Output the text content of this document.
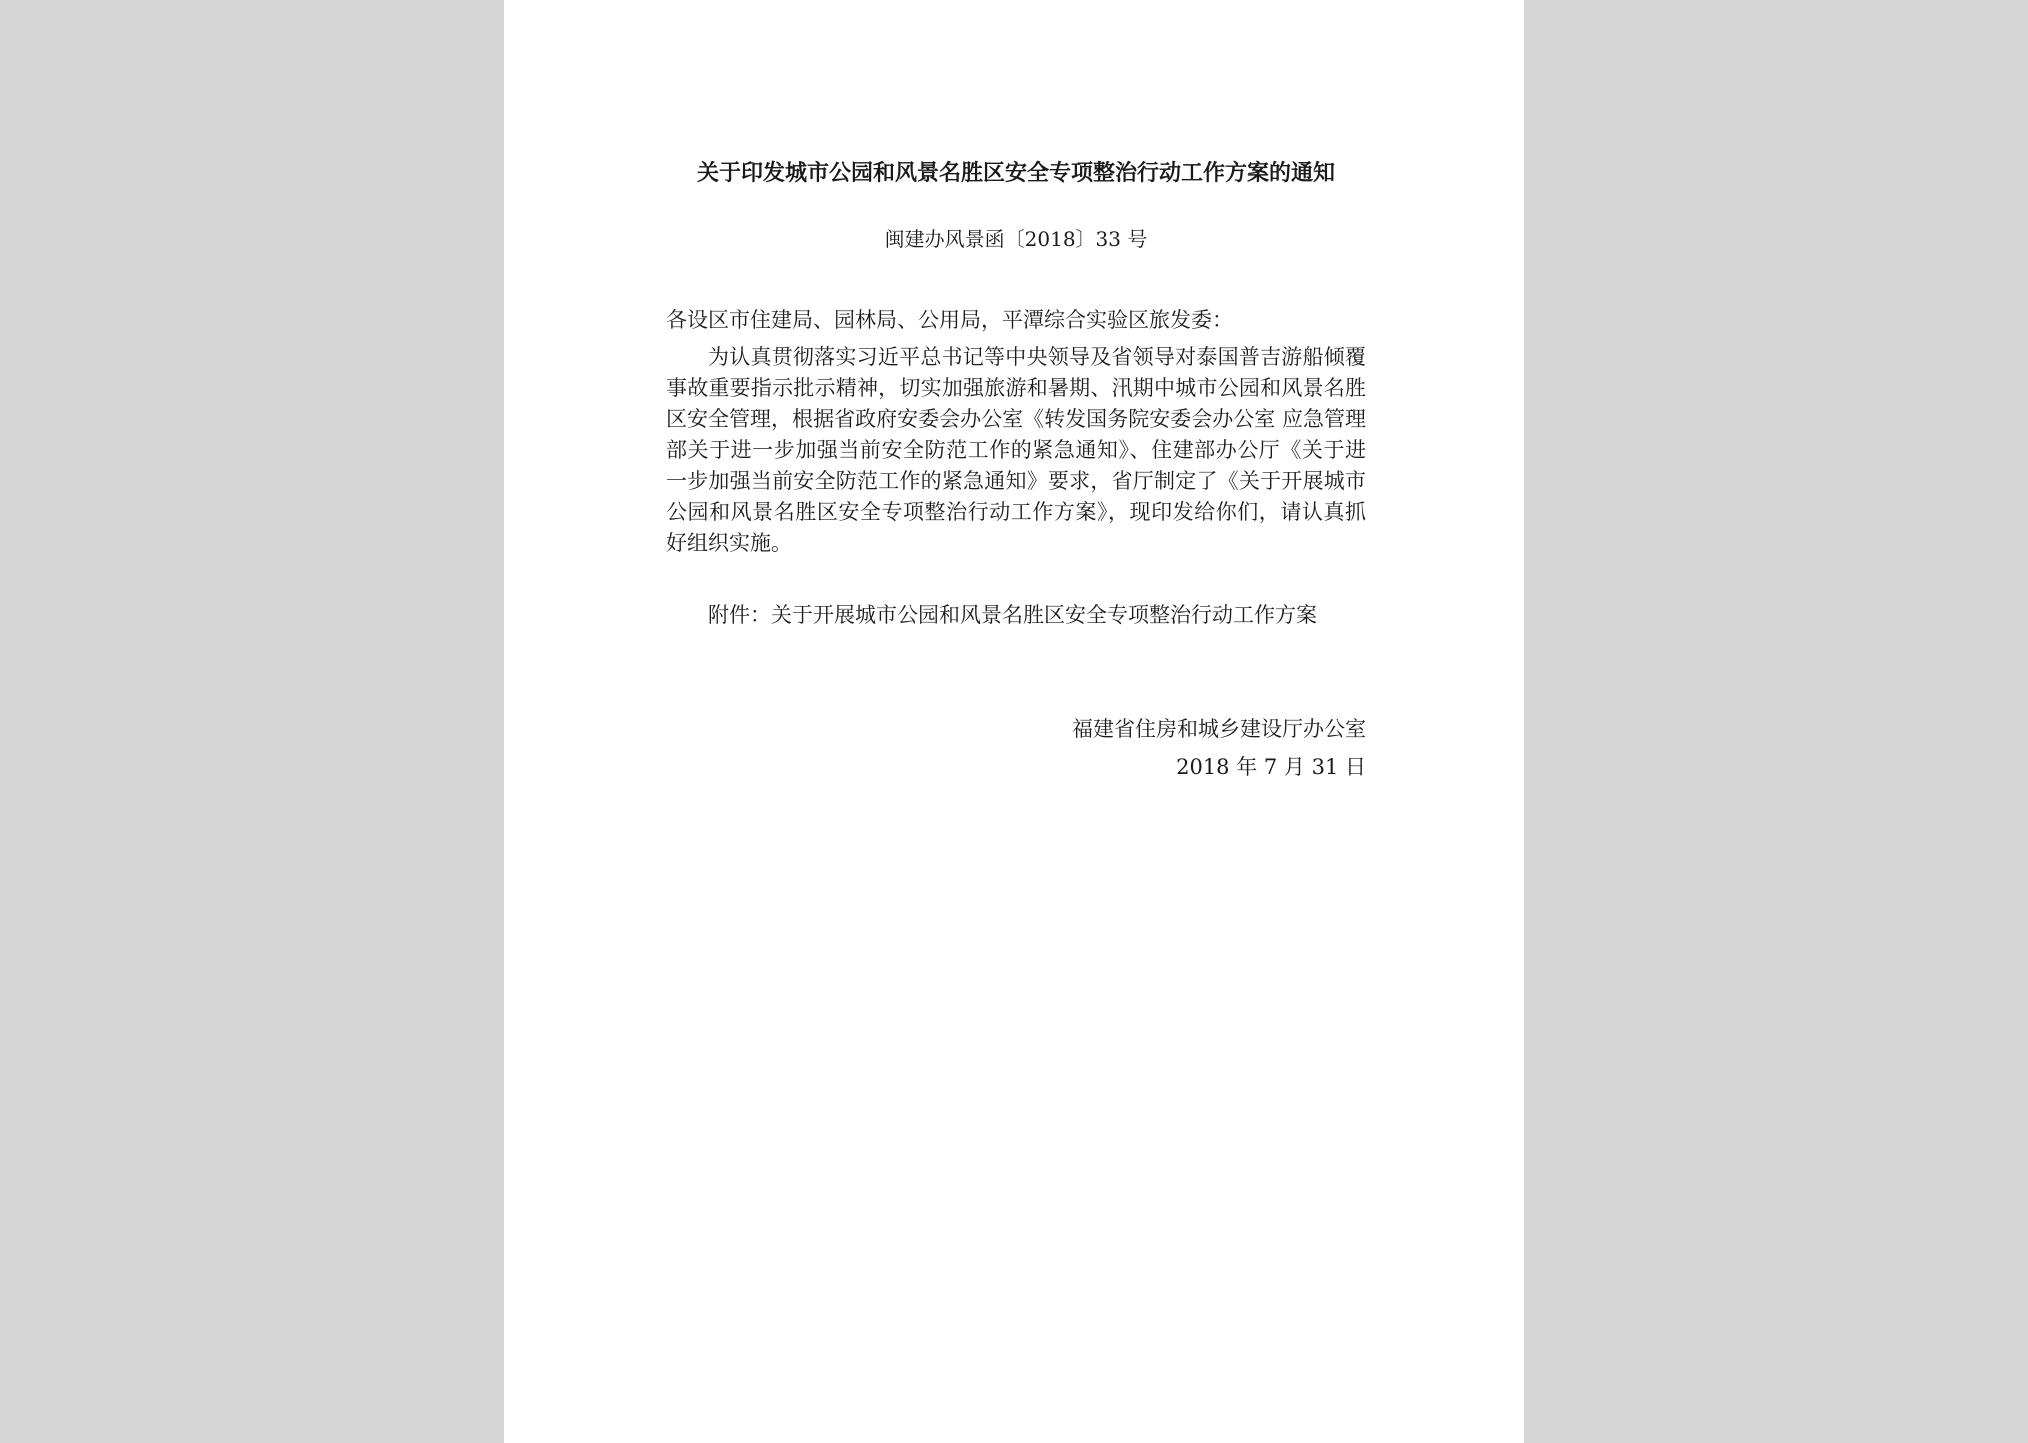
关于印发城市公园和风景名胜区安全专项整治行动工作方案的通知
闽建办风景函〔2018〕33 号
各设区市住建局、园林局、公用局，平潭综合实验区旅发委：

为认真贯彻落实习近平总书记等中央领导及省领导对泰国普吉游船倾覆事故重要指示批示精神，切实加强旅游和暑期、汛期中城市公园和风景名胜区安全管理，根据省政府安委会办公室《转发国务院安委会办公室 应急管理部关于进一步加强当前安全防范工作的紧急通知》、住建部办公厅《关于进一步加强当前安全防范工作的紧急通知》要求，省厅制定了《关于开展城市公园和风景名胜区安全专项整治行动工作方案》，现印发给你们，请认真抓好组织实施。

附件：关于开展城市公园和风景名胜区安全专项整治行动工作方案

福建省住房和城乡建设厅办公室
2018 年 7 月 31 日
